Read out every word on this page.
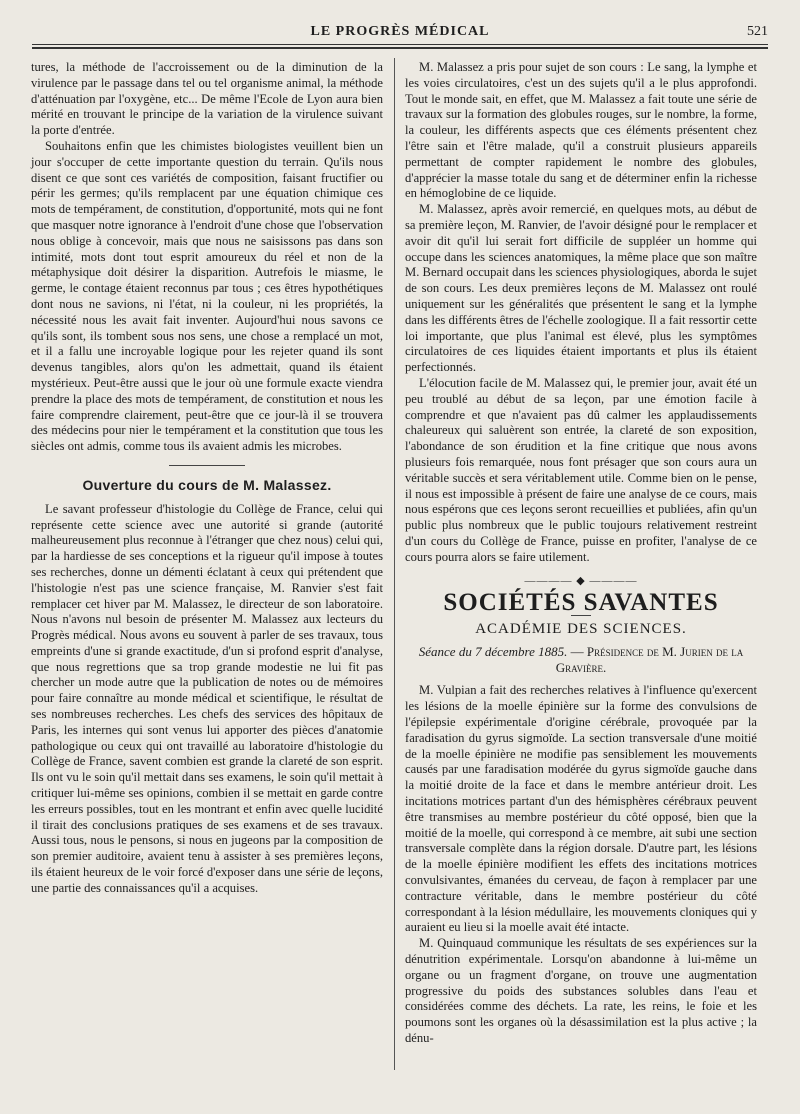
LE PROGRÈS MÉDICAL	521

tures, la méthode de l'accroissement ou de la diminution de la virulence par le passage dans tel ou tel organisme animal, la méthode d'atténuation par l'oxygène, etc... De même l'Ecole de Lyon aura bien mérité en trouvant le principe de la variation de la virulence suivant la porte d'entrée.

Souhaitons enfin que les chimistes biologistes veuillent bien un jour s'occuper de cette importante question du terrain. Qu'ils nous disent ce que sont ces variétés de composition, faisant fructifier ou périr les germes; qu'ils remplacent par une équation chimique ces mots de tempérament, de constitution, d'opportunité, mots qui ne font que masquer notre ignorance à l'endroit d'une chose que l'observation nous oblige à concevoir, mais que nous ne saisissons pas dans son intimité, mots dont tout esprit amoureux du réel et non de la métaphysique doit désirer la disparition. Autrefois le miasme, le germe, le contage étaient reconnus par tous ; ces êtres hypothétiques dont nous ne savions, ni l'état, ni la couleur, ni les propriétés, la nécessité nous les avait fait inventer. Aujourd'hui nous savons ce qu'ils sont, ils tombent sous nos sens, une chose a remplacé un mot, et il a fallu une incroyable logique pour les rejeter quand ils sont devenus tangibles, alors qu'on les admettait, quand ils étaient mystérieux. Peut-être aussi que le jour où une formule exacte viendra prendre la place des mots de tempérament, de constitution et nous les faire comprendre clairement, peut-être que ce jour-là il se trouvera des médecins pour nier le tempérament et la constitution que tous les siècles ont admis, comme tous ils avaient admis les microbes.

Ouverture du cours de M. Malassez.

Le savant professeur d'histologie du Collège de France, celui qui représente cette science avec une autorité si grande (autorité malheureusement plus reconnue à l'étranger que chez nous) celui qui, par la hardiesse de ses conceptions et la rigueur qu'il impose à toutes ses recherches, donne un démenti éclatant à ceux qui prétendent que l'histologie n'est pas une science française, M. Ranvier s'est fait remplacer cet hiver par M. Malassez, le directeur de son laboratoire. Nous n'avons nul besoin de présenter M. Malassez aux lecteurs du Progrès médical. Nous avons eu souvent à parler de ses travaux, tous empreints d'une si grande exactitude, d'un si profond esprit d'analyse, que nous regrettions que sa trop grande modestie ne lui fit pas chercher un mode autre que la publication de notes ou de mémoires pour faire connaître au monde médical et scientifique, le résultat de ses nombreuses recherches. Les chefs des services des hôpitaux de Paris, les internes qui sont venus lui apporter des pièces d'anatomie pathologique ou ceux qui ont travaillé au laboratoire d'histologie du Collège de France, savent combien est grande la clareté de son esprit. Ils ont vu le soin qu'il mettait dans ses examens, le soin qu'il mettait à critiquer lui-même ses opinions, combien il se mettait en garde contre les erreurs possibles, tout en les montrant et enfin avec quelle lucidité il tirait des conclusions pratiques de ses examens et de ses travaux. Aussi tous, nous le pensons, si nous en jugeons par la composition de son premier auditoire, avaient tenu à assister à ses premières leçons, ils étaient heureux de le voir forcé d'exposer dans une série de leçons, une partie des connaissances qu'il a acquises.

M. Malassez a pris pour sujet de son cours : Le sang, la lymphe et les voies circulatoires, c'est un des sujets qu'il a le plus approfondi. Tout le monde sait, en effet, que M. Malassez a fait toute une série de travaux sur la formation des globules rouges, sur le nombre, la forme, la couleur, les différents aspects que ces éléments présentent chez l'être sain et l'être malade, qu'il a construit plusieurs appareils permettant de compter rapidement le nombre des globules, d'apprécier la masse totale du sang et de déterminer enfin la richesse en hémoglobine de ce liquide.

M. Malassez, après avoir remercié, en quelques mots, au début de sa première leçon, M. Ranvier, de l'avoir désigné pour le remplacer et avoir dit qu'il lui serait fort difficile de suppléer un homme qui occupe dans les sciences anatomiques, la même place que son maître M. Bernard occupait dans les sciences physiologiques, aborda le sujet de son cours. Les deux premières leçons de M. Malassez ont roulé uniquement sur les généralités que présentent le sang et la lymphe dans les différents êtres de l'échelle zoologique. Il a fait ressortir cette loi importante, que plus l'animal est élevé, plus les symptômes circulatoires de ces liquides étaient importants et plus ils étaient perfectionnés.

L'élocution facile de M. Malassez qui, le premier jour, avait été un peu troublé au début de sa leçon, par une émotion facile à comprendre et que n'avaient pas dû calmer les applaudissements chaleureux qui saluèrent son entrée, la clareté de son exposition, l'abondance de son érudition et la fine critique que nous avons plusieurs fois remarquée, nous font présager que son cours aura un véritable succès et sera véritablement utile. Comme bien on le pense, il nous est impossible à présent de faire une analyse de ce cours, mais nous espérons que ces leçons seront recueillies et publiées, afin qu'un public plus nombreux que le public toujours relativement restreint d'un cours du Collège de France, puisse en profiter, l'analyse de ce cours pourra alors se faire utilement.

———— ◆ ————
SOCIÉTÉS SAVANTES
ACADÉMIE DES SCIENCES.
Séance du 7 décembre 1885. — Présidence de M. Jurien de la Gravière.

M. Vulpian a fait des recherches relatives à l'influence qu'exercent les lésions de la moelle épinière sur la forme des convulsions de l'épilepsie expérimentale d'origine cérébrale, provoquée par la faradisation du gyrus sigmoïde. La section transversale d'une moitié de la moelle épinière ne modifie pas sensiblement les mouvements causés par une faradisation modérée du gyrus sigmoïde gauche dans la moitié droite de la face et dans le membre antérieur droit. Les incitations motrices partant d'un des hémisphères cérébraux peuvent être transmises au membre postérieur du côté opposé, bien que la moitié de la moelle, qui correspond à ce membre, ait subi une section transversale complète dans la région dorsale. D'autre part, les lésions de la moelle épinière modifient les effets des incitations motrices convulsivantes, émanées du cerveau, de façon à remplacer par une contracture véritable, dans le membre postérieur du côté correspondant à la lésion médullaire, les mouvements cloniques qui y auraient eu lieu si la moelle avait été intacte.

M. Quinquaud communique les résultats de ses expériences sur la dénutrition expérimentale. Lorsqu'on abandonne à lui-même un organe ou un fragment d'organe, on trouve une augmentation progressive du poids des substances solubles dans l'eau et considérées comme des déchets. La rate, les reins, le foie et les poumons sont les organes où la désassimilation est la plus active ; la dénu-
